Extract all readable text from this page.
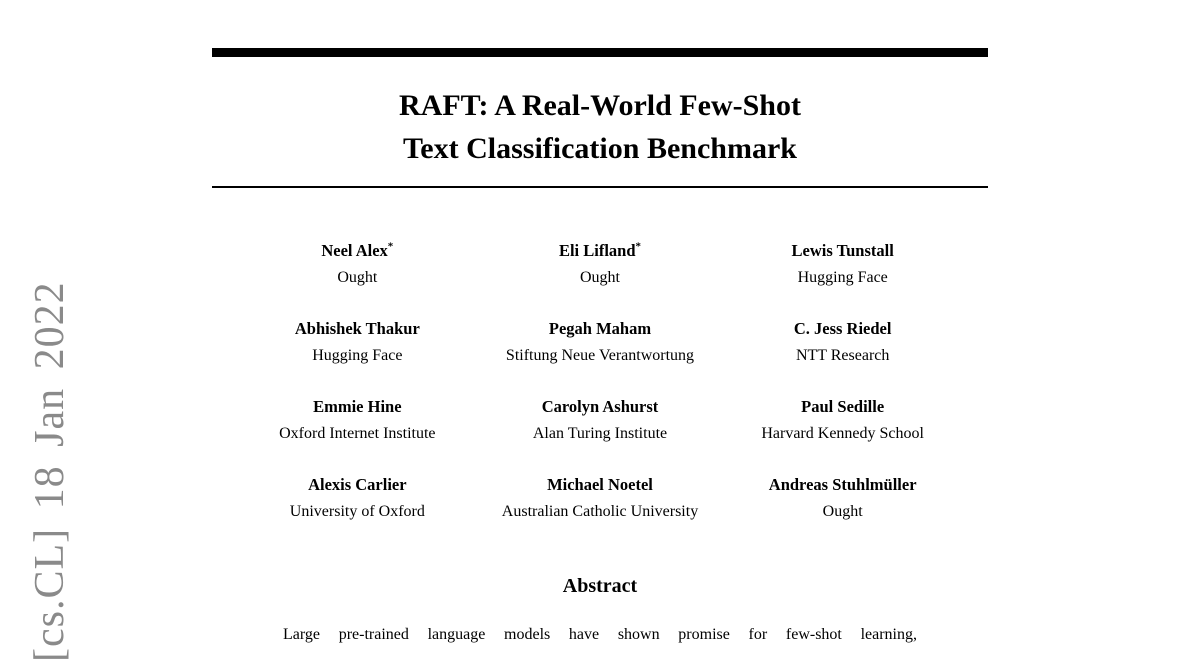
[cs.CL] 18 Jan 2022
RAFT: A Real-World Few-Shot
Text Classification Benchmark
Neel Alex*
Ought
Eli Lifland*
Ought
Lewis Tunstall
Hugging Face
Abhishek Thakur
Hugging Face
Pegah Maham
Stiftung Neue Verantwortung
C. Jess Riedel
NTT Research
Emmie Hine
Oxford Internet Institute
Carolyn Ashurst
Alan Turing Institute
Paul Sedille
Harvard Kennedy School
Alexis Carlier
University of Oxford
Michael Noetel
Australian Catholic University
Andreas Stuhlmüller
Ought
Abstract
Large pre-trained language models have shown promise for few-shot learning,
